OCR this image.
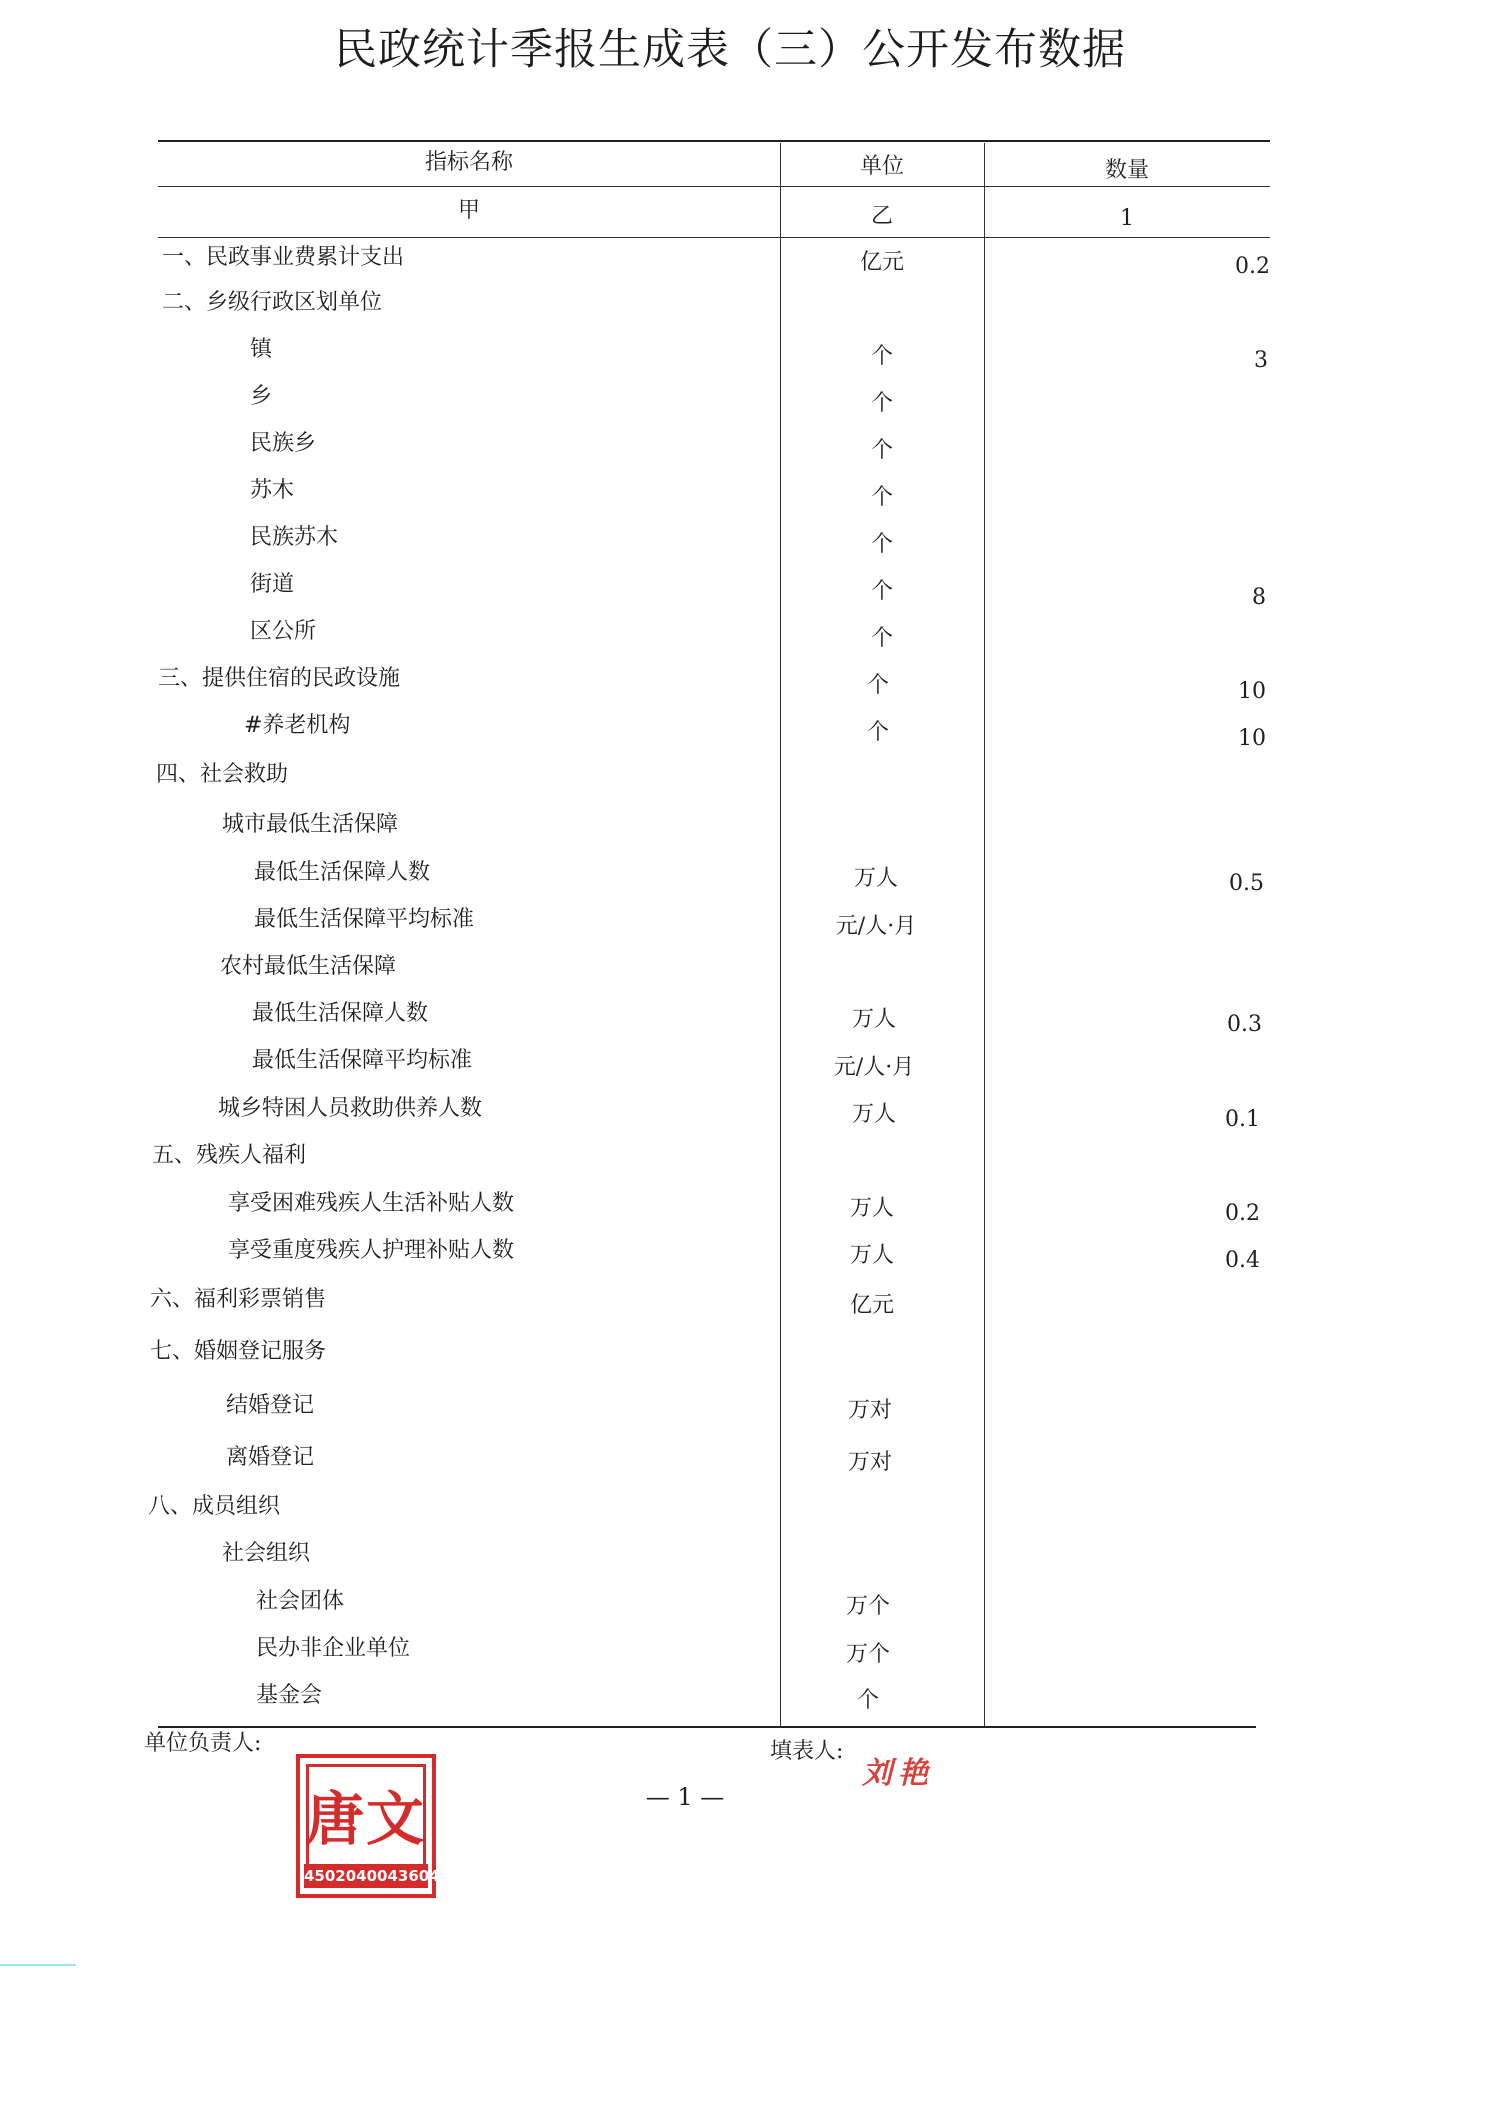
民政统计季报生成表（三）公开发布数据
指标名称	单位	数量
甲	乙	1
一、民政事业费累计支出	亿元	0.2
二、乡级行政区划单位
镇	个	3
乡	个
民族乡	个
苏木	个
民族苏木	个
街道	个	8
区公所	个
三、提供住宿的民政设施	个	10
#养老机构	个	10
四、社会救助
城市最低生活保障
最低生活保障人数	万人	0.5
最低生活保障平均标准	元/人·月
农村最低生活保障
最低生活保障人数	万人	0.3
最低生活保障平均标准	元/人·月
城乡特困人员救助供养人数	万人	0.1
五、残疾人福利
享受困难残疾人生活补贴人数	万人	0.2
享受重度残疾人护理补贴人数	万人	0.4
六、福利彩票销售	亿元
七、婚姻登记服务
结婚登记	万对
离婚登记	万对
八、成员组织
社会组织
社会团体	万个
民办非企业单位	万个
基金会	个
单位负责人:	填表人:
刘艳
唐文
4502040043604
— 1 —
